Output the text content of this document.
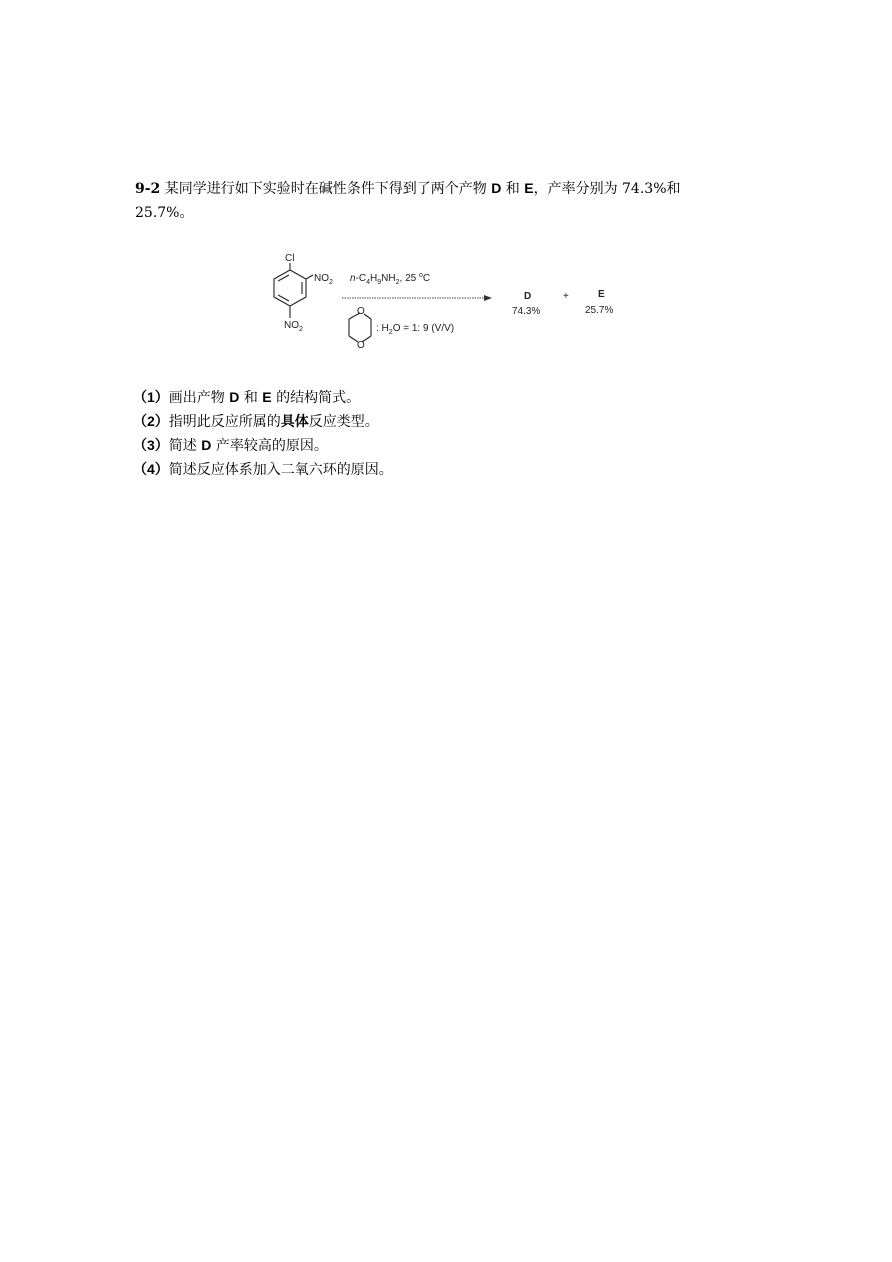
9-2 某同学进行如下实验时在碱性条件下得到了两个产物 D 和 E，产率分别为 74.3%和
25.7%。
Cl
$NO_2$
$NO_2$
$n-C_4H_9NH_2$, 25 $^o$C
O
O
: $H_2O = 1$: 9 (V/V)
D
74.3%
+	E
25.7%
（1）画出产物 D 和 E 的结构简式。
（2）指明此反应所属的具体反应类型。
（3）简述 D 产率较高的原因。
（4）简述反应体系加入二氧六环的原因。
